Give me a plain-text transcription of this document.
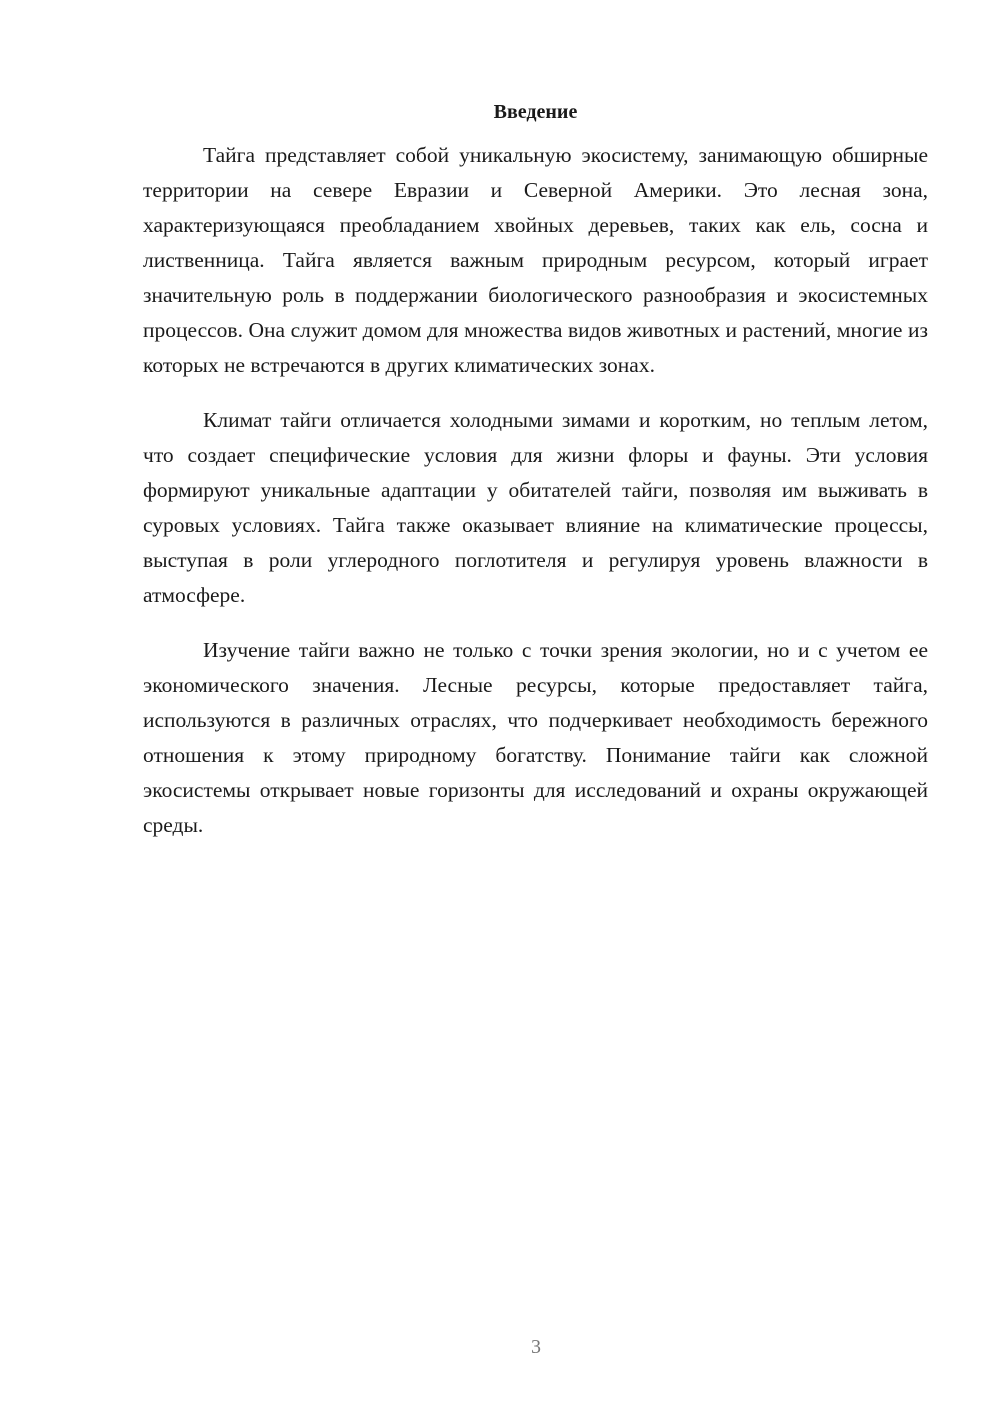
Введение

Тайга представляет собой уникальную экосистему, занимающую обширные территории на севере Евразии и Северной Америки. Это лесная зона, характеризующаяся преобладанием хвойных деревьев, таких как ель, сосна и лиственница. Тайга является важным природным ресурсом, который играет значительную роль в поддержании биологического разнообразия и экосистемных процессов. Она служит домом для множества видов животных и растений, многие из которых не встречаются в других климатических зонах.

Климат тайги отличается холодными зимами и коротким, но теплым летом, что создает специфические условия для жизни флоры и фауны. Эти условия формируют уникальные адаптации у обитателей тайги, позволяя им выживать в суровых условиях. Тайга также оказывает влияние на климатические процессы, выступая в роли углеродного поглотителя и регулируя уровень влажности в атмосфере.

Изучение тайги важно не только с точки зрения экологии, но и с учетом ее экономического значения. Лесные ресурсы, которые предоставляет тайга, используются в различных отраслях, что подчеркивает необходимость бережного отношения к этому природному богатству. Понимание тайги как сложной экосистемы открывает новые горизонты для исследований и охраны окружающей среды.

3
